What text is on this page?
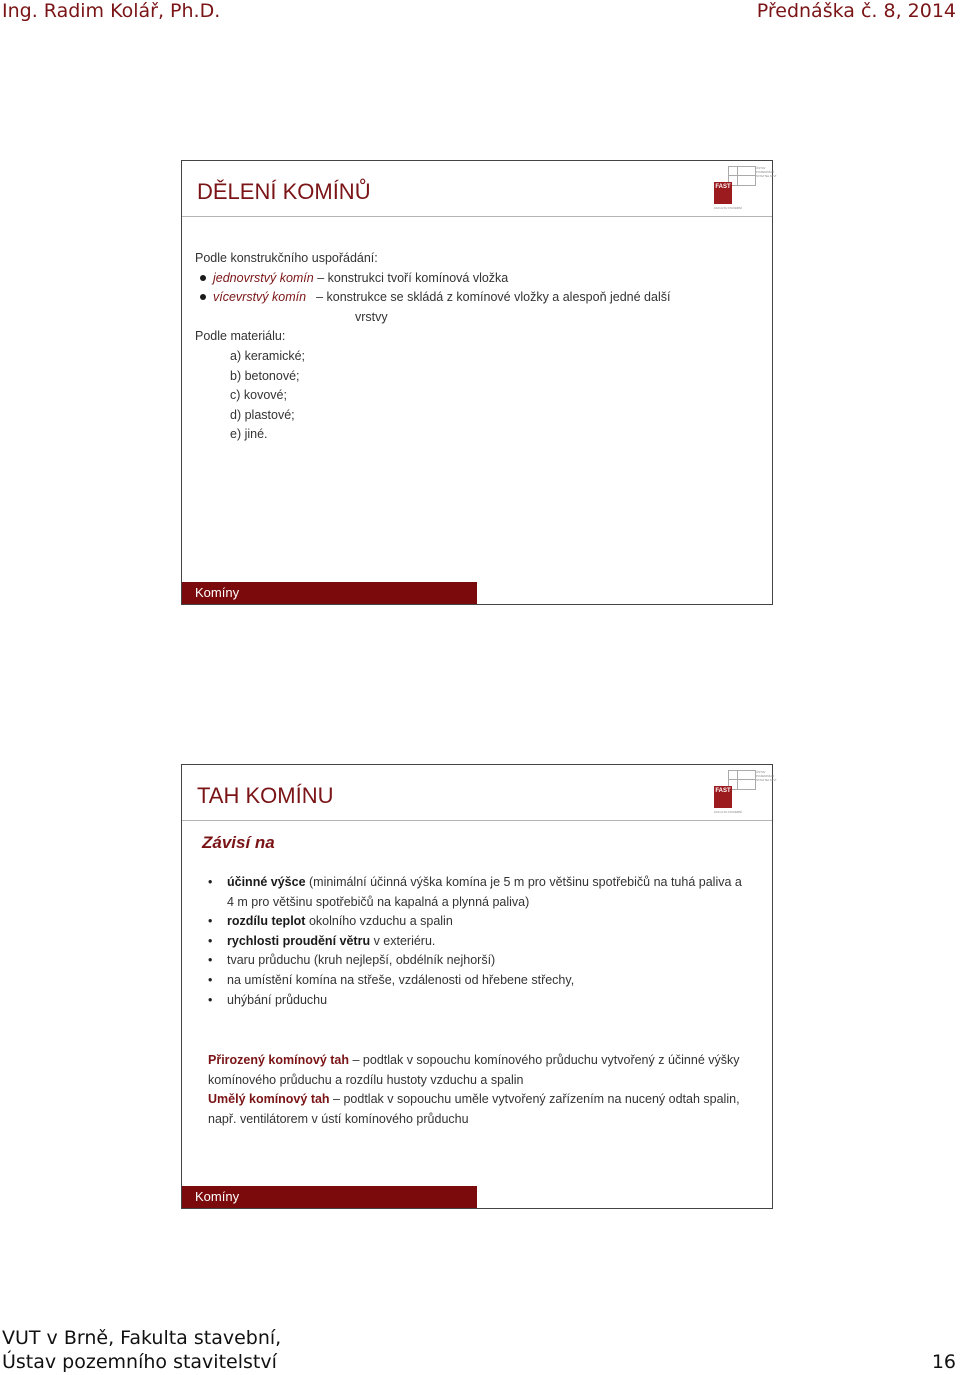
Ing. Radim Kolář, Ph.D.	Přednáška č. 8, 2014
DĚLENÍ KOMÍNŮ
ÚSTAV
POZEMNÍHO
STAVITELSTVÍ
FAST
FAKULTA STAVEBNÍ
Podle konstrukčního uspořádání:
jednovrstvý komín – konstrukci tvoří komínová vložka
vícevrstvý komín – konstrukce se skládá z komínové vložky a alespoň jedné další
vrstvy
Podle materiálu:
a) keramické;
b) betonové;
c) kovové;
d) plastové;
e) jiné.
Komíny
TAH KOMÍNU
ÚSTAV
POZEMNÍHO
STAVITELSTVÍ
FAST
FAKULTA STAVEBNÍ
Závisí na
• účinné výšce (minimální účinná výška komína je 5 m pro většinu spotřebičů na tuhá paliva a 4 m pro většinu spotřebičů na kapalná a plynná paliva)
• rozdílu teplot okolního vzduchu a spalin
• rychlosti proudění větru v exteriéru.
• tvaru průduchu (kruh nejlepší, obdélník nejhorší)
• na umístění komína na střeše, vzdálenosti od hřebene střechy,
• uhýbání průduchu
Přirozený komínový tah – podtlak v sopouchu komínového průduchu vytvořený z účinné výšky komínového průduchu a rozdílu hustoty vzduchu a spalin
Umělý komínový tah – podtlak v sopouchu uměle vytvořený zařízením na nucený odtah spalin, např. ventilátorem v ústí komínového průduchu
Komíny
VUT v Brně, Fakulta stavební,
Ústav pozemního stavitelství	16
